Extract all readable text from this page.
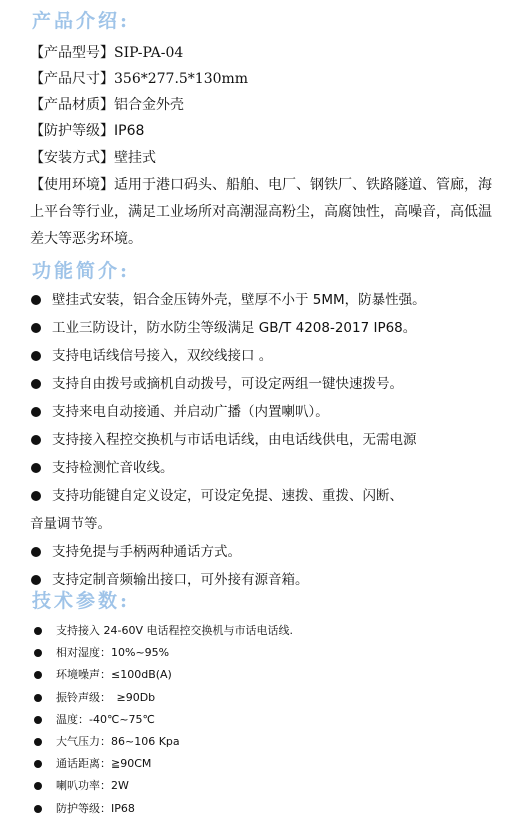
产品介绍:
【产品型号】SIP-PA-04
【产品尺寸】356*277.5*130mm
【产品材质】铝合金外壳
【防护等级】IP68
【安装方式】壁挂式
【使用环境】适用于港口码头、船舶、电厂、钢铁厂、铁路隧道、管廊，海上平台等行业，满足工业场所对高潮湿高粉尘，高腐蚀性，高噪音，高低温差大等恶劣环境。
功能简介:
壁挂式安装，铝合金压铸外壳，壁厚不小于 5MM，防暴性强。
工业三防设计，防水防尘等级满足 GB/T 4208-2017 IP68。
支持电话线信号接入，双绞线接口 。
支持自由拨号或摘机自动拨号，可设定两组一键快速拨号。
支持来电自动接通、并启动广播（内置喇叭）。
支持接入程控交换机与市话电话线，由电话线供电，无需电源
支持检测忙音收线。
支持功能键自定义设定，可设定免提、速拨、重拨、闪断、
音量调节等。
支持免提与手柄两种通话方式。
支持定制音频输出接口，可外接有源音箱。
技术参数:
支持接入 24-60V 电话程控交换机与市话电话线.
相对湿度：10%~95%
环境噪声：≤100dB(A)
振铃声级：　≥90Db
温度：-40℃~75℃
大气压力：86~106 Kpa
通话距离：≧90CM
喇叭功率：2W
防护等级：IP68
